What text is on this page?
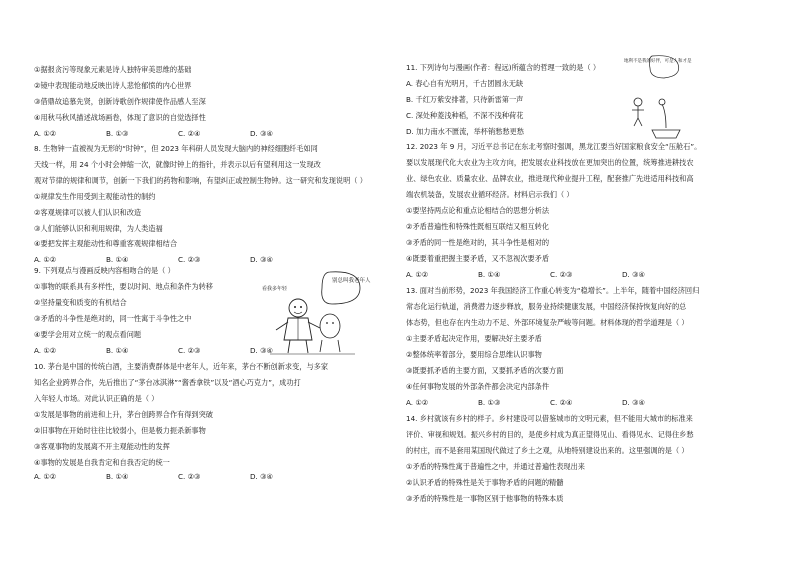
①据报贪污等现象元素是诗人独特审美思维的基础
②镜中表现能动地反映出诗人悲怆郁愤的内心世界
③借鼎故追慕先贤，创新诗歌创作规律使作品感人至深
④用秋马秋风描述战场画卷，体现了意识的自觉选择性
A. ①②	B. ①③	C. ②④	D. ③④
8. 生物钟一直被视为无形的“时钟”，但 2023 年科研人员发现大脑内的神经细胞纤毛如同
天线一样，用 24 个小时会伸缩一次，就像时钟上的指针，并表示以后有望利用这一发现改
观对节律的规律和调节，创新一下我们的药物和影响，有望纠正或控制生物钟。这一研究和发现说明（ ）
①规律发生作用受到主观能动性的制约
②客观规律可以被人们认识和改造
③人们能够认识和利用规律，为人类造福
④要把发挥主观能动性和尊重客观规律相结合
A. ①②	B. ①④	C. ②③	D. ③④
9. 下列观点与漫画反映内容相吻合的是（ ）
①事物的联系具有多样性，要以时间、地点和条件为转移
②坚持量变和质变的有机结合
③矛盾的斗争性是绝对的，同一性寓于斗争性之中
④要学会用对立统一的观点看问题
A. ①②	B. ①④	C. ②③	D. ③④
别总叫我老年人
看我多年轻
10. 茅台是中国的传统白酒，主要消费群体是中老年人，近年来，茅台不断创新求变，与多家
知名企业跨界合作，先后推出了“茅台冰淇淋”“酱香拿铁”以及“酒心巧克力”，成功打
入年轻人市场。对此认识正确的是（ ）
①发展是事物的前进和上升，茅台创跨界合作有得到突破
②旧事物在开始时往往比较弱小，但是极力扼杀新事物
③客观事物的发展离不开主观能动性的发挥
④事物的发展是自我肯定和自我否定的统一
A. ①②	B. ①④	C. ②③	D. ③④
11. 下列诗句与漫画(作者：程远)所蕴含的哲理一致的是（ ）
A. 春心自有光明月，千古团圆永无缺
B. 千红万紫安排著，只待新雷第一声
C. 深处种菱浅种稻，不深不浅种荷花
D. 加力南水不匮流，举杯销愁愁更愁
地利不是我的好伴，可是人和才是
12. 2023 年 9 月，习近平总书记在东北考察时强调，黑龙江要当好国家粮食安全“压舱石”。
要以发展现代化大农业为主攻方向，把发展农业科技放在更加突出的位置，统筹推进耕技农
业、绿色农业、质量农业、品牌农业，推进现代种业提升工程，配套推广先进适用科技和高
端农机装备，发展农业循环经济。材料启示我们（ ）
①要坚持两点论和重点论相结合的思想分析法
②矛盾普遍性和特殊性既相互联结又相互转化
③矛盾的同一性是绝对的，其斗争性是相对的
④既要着重把握主要矛盾，又不忽视次要矛盾
A. ①②	B. ①④	C. ②③	D. ③④
13. 面对当前形势，2023 年我国经济工作重心转变为“稳增长”。上半年，随着中国经济回归
常态化运行轨道，消费潜力逐步释放，服务业持续健康发展，中国经济保持恢复向好的总
体态势，但也存在内生动力不足、外部环境复杂严峻等问题。材料体现的哲学道理是（ ）
①主要矛盾起决定作用，要解决好主要矛盾
②整体统率着部分，要用综合思维认识事物
③既要抓矛盾的主要方面，又要抓矛盾的次要方面
④任何事物发展的外部条件都会决定内部条件
A. ①②	B. ①③	C. ②④	D. ③④
14. 乡村就该有乡村的样子。乡村建设可以借鉴城市的文明元素，但不能用大城市的标准来
评价、审视和规划。振兴乡村的目的，是使乡村成为真正望得见山、看得见水、记得住乡愁
的村庄，而不是套用某国现代做过了乡土之观，从地特别建设出来的。这里强调的是（ ）
①矛盾的特殊性寓于普遍性之中，并通过普遍性表现出来
②认识矛盾的特殊性是关于事物矛盾的问题的精髓
③矛盾的特殊性是一事物区别于他事物的特殊本质
